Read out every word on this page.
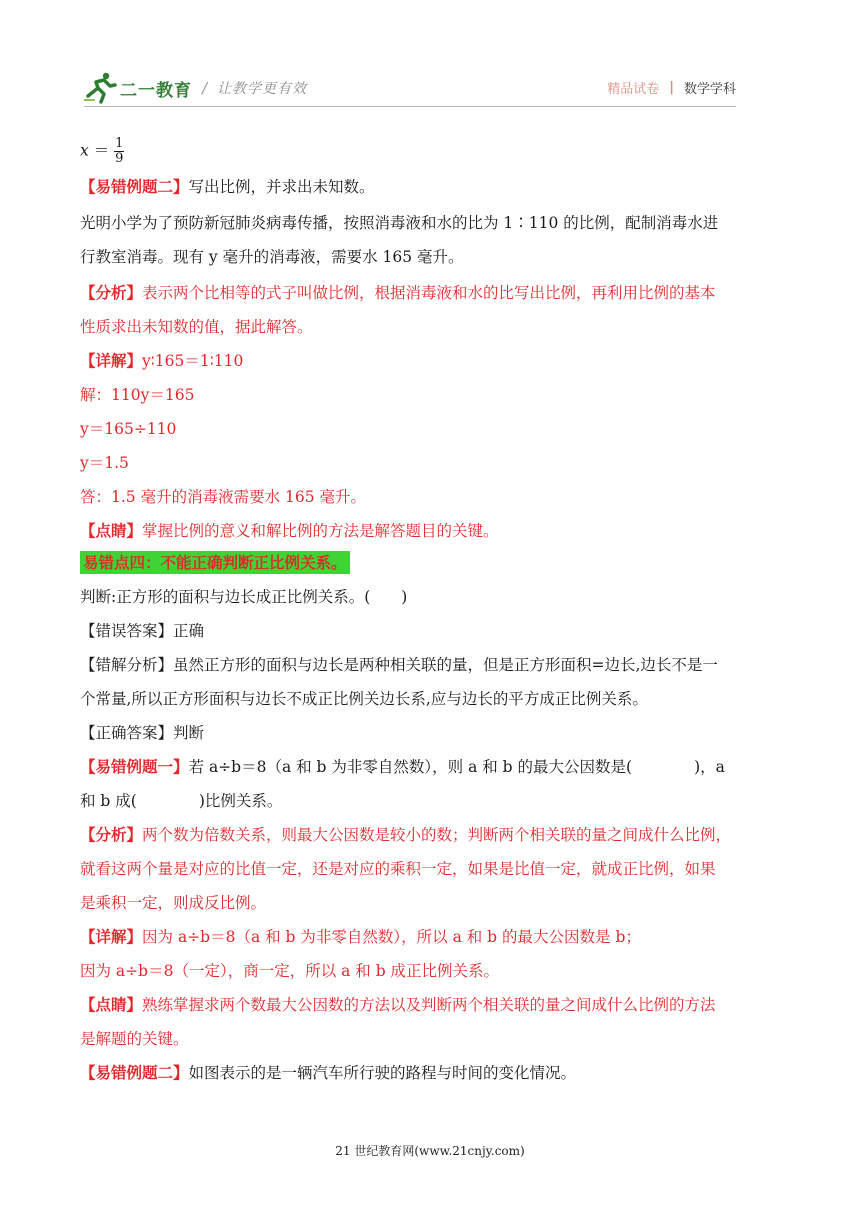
二一教育 / 让教学更有效	精品试卷 | 数学学科
$x = \frac{1}{9}$
【易错例题二】写出比例，并求出未知数。
光明小学为了预防新冠肺炎病毒传播，按照消毒液和水的比为 1∶110 的比例，配制消毒水进
行教室消毒。现有 y 毫升的消毒液，需要水 165 毫升。
【分析】表示两个比相等的式子叫做比例，根据消毒液和水的比写出比例，再利用比例的基本
性质求出未知数的值，据此解答。
【详解】y∶165＝1∶110
解：110y＝165
y＝165÷110
y＝1.5
答：1.5 毫升的消毒液需要水 165 毫升。
【点睛】掌握比例的意义和解比例的方法是解答题目的关键。
易错点四：不能正确判断正比例关系。
判断:正方形的面积与边长成正比例关系。(　　)
【错误答案】正确
【错解分析】虽然正方形的面积与边长是两种相关联的量，但是正方形面积=边长,边长不是一
个常量,所以正方形面积与边长不成正比例关边长系,应与边长的平方成正比例关系。
【正确答案】判断
【易错例题一】若 a÷b＝8（a 和 b 为非零自然数），则 a 和 b 的最大公因数是(　　　　)，a
和 b 成(　　　　)比例关系。
【分析】两个数为倍数关系，则最大公因数是较小的数；判断两个相关联的量之间成什么比例，
就看这两个量是对应的比值一定，还是对应的乘积一定，如果是比值一定，就成正比例，如果
是乘积一定，则成反比例。
【详解】因为 a÷b＝8（a 和 b 为非零自然数），所以 a 和 b 的最大公因数是 b；
因为 a÷b＝8（一定），商一定，所以 a 和 b 成正比例关系。
【点睛】熟练掌握求两个数最大公因数的方法以及判断两个相关联的量之间成什么比例的方法
是解题的关键。
【易错例题二】如图表示的是一辆汽车所行驶的路程与时间的变化情况。
21 世纪教育网(www.21cnjy.com)
